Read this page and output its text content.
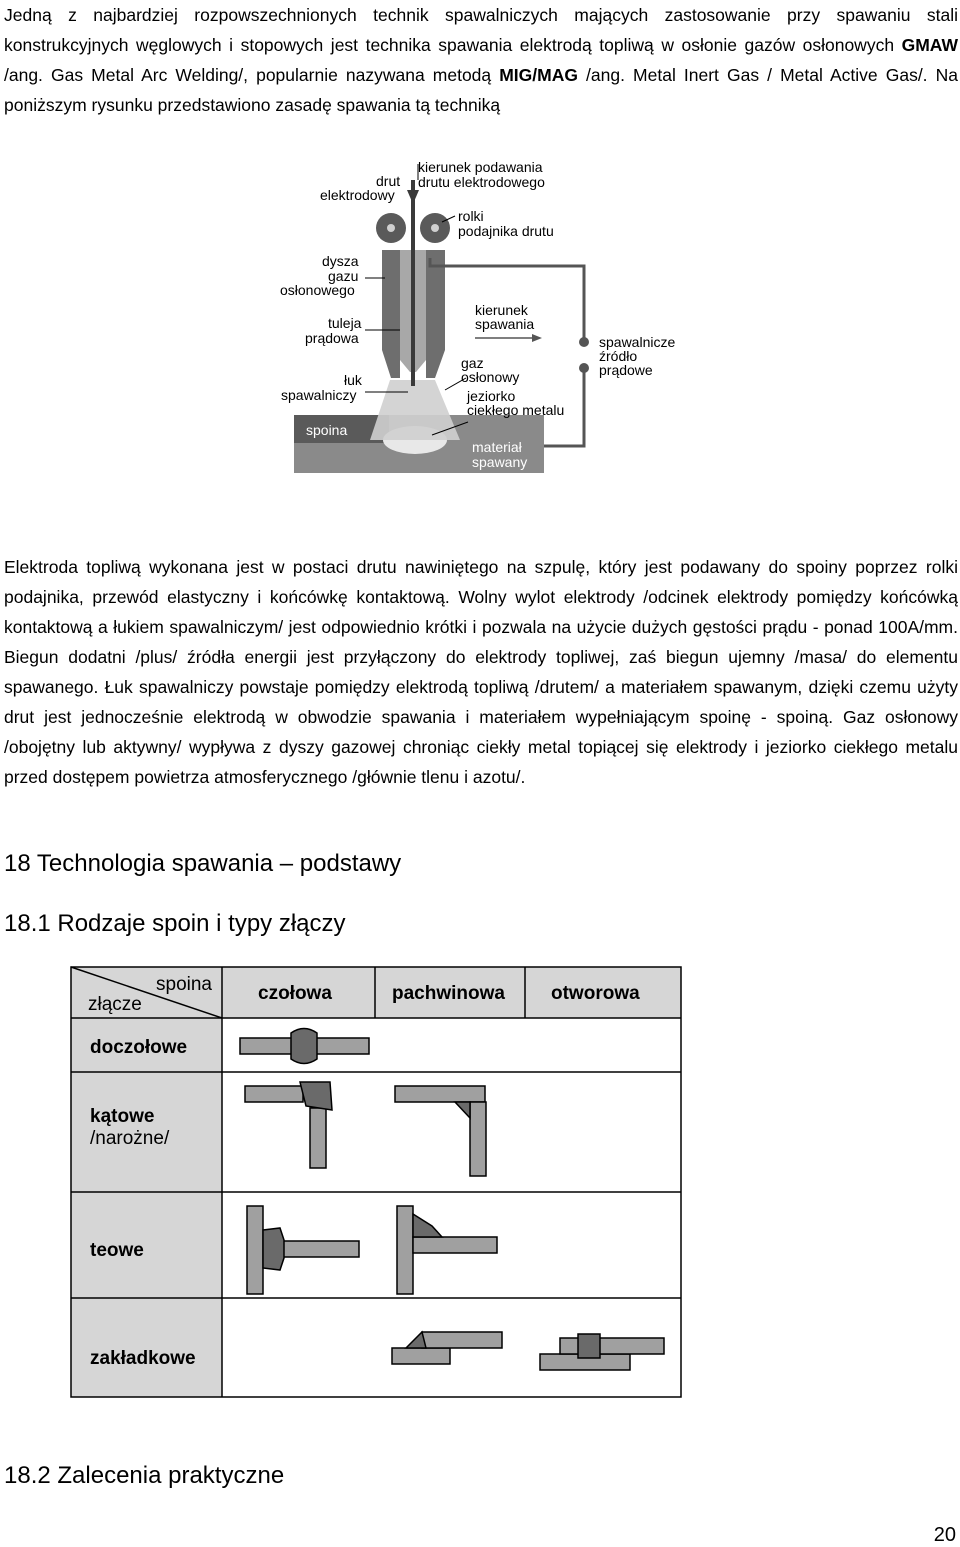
Jedną z najbardziej rozpowszechnionych technik spawalniczych mających zastosowanie przy spawaniu stali konstrukcyjnych węglowych i stopowych jest technika spawania elektrodą topliwą w osłonie gazów osłonowych GMAW /ang. Gas Metal Arc Welding/, popularnie nazywana metodą MIG/MAG /ang. Metal Inert Gas / Metal Active Gas/. Na poniższym rysunku przedstawiono zasadę spawania tą techniką

drut
elektrodowy
kierunek podawania
drutu elektrodowego
rolki
podajnika drutu
dysza
gazu
osłonowego
tuleja
prądowa
kierunek
spawania
spawalnicze
źródło
prądowe
gaz
osłonowy
łuk
spawalniczy	jeziorko
ciekłego metalu
spoina
materiał
spawany

Elektroda topliwą wykonana jest w postaci drutu nawiniętego na szpulę, który jest podawany do spoiny poprzez rolki podajnika, przewód elastyczny i końcówkę kontaktową. Wolny wylot elektrody /odcinek elektrody pomiędzy końcówką kontaktową a łukiem spawalniczym/ jest odpowiednio krótki i pozwala na użycie dużych gęstości prądu - ponad 100A/mm. Biegun dodatni /plus/ źródła energii jest przyłączony do elektrody topliwej, zaś biegun ujemny /masa/ do elementu spawanego. Łuk spawalniczy powstaje pomiędzy elektrodą topliwą /drutem/ a materiałem spawanym, dzięki czemu użyty drut jest jednocześnie elektrodą w obwodzie spawania i materiałem wypełniającym spoinę - spoiną. Gaz osłonowy /obojętny lub aktywny/ wypływa z dyszy gazowej chroniąc ciekły metal topiącej się elektrody i jeziorko ciekłego metalu przed dostępem powietrza atmosferycznego /głównie tlenu i azotu/.

18 Technologia spawania – podstawy
18.1 Rodzaje spoin i typy złączy
spoina
złącze
czołowa	pachwinowa otworowa
doczołowe
kątowe
/narożne/
teowe
zakładkowe
18.2 Zalecenia praktyczne
20
